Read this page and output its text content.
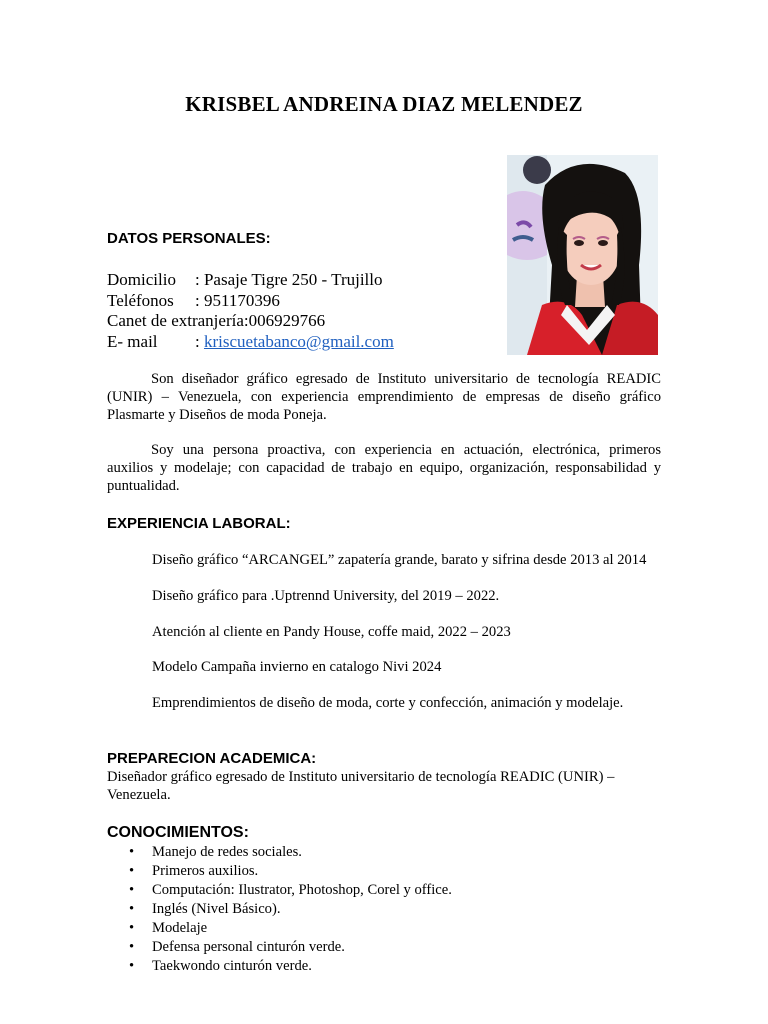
KRISBEL ANDREINA DIAZ MELENDEZ
DATOS PERSONALES:
Domicilio : Pasaje Tigre 250 - Trujillo
Teléfonos : 951170396
Canet de extranjería:006929766
E- mail : kriscuetabanco@gmail.com
Son diseñador gráfico egresado de Instituto universitario de tecnología READIC (UNIR) – Venezuela, con experiencia emprendimiento de empresas de diseño gráfico Plasmarte y Diseños de moda Poneja.
Soy una persona proactiva, con experiencia en actuación, electrónica, primeros auxilios y modelaje; con capacidad de trabajo en equipo, organización, responsabilidad y puntualidad.
EXPERIENCIA LABORAL:
Diseño gráfico “ARCANGEL” zapatería grande, barato y sifrina desde 2013 al 2014
Diseño gráfico para .Uptrennd University, del 2019 – 2022.
Atención al cliente en Pandy House, coffe maid, 2022 – 2023
Modelo Campaña invierno en catalogo Nivi 2024
Emprendimientos de diseño de moda, corte y confección, animación y modelaje.
PREPARECION ACADEMICA:
Diseñador gráfico egresado de Instituto universitario de tecnología READIC (UNIR) – Venezuela.
CONOCIMIENTOS:
• Manejo de redes sociales.
• Primeros auxilios.
• Computación: Ilustrator, Photoshop, Corel y office.
• Inglés (Nivel Básico).
• Modelaje
• Defensa personal cinturón verde.
• Taekwondo cinturón verde.
